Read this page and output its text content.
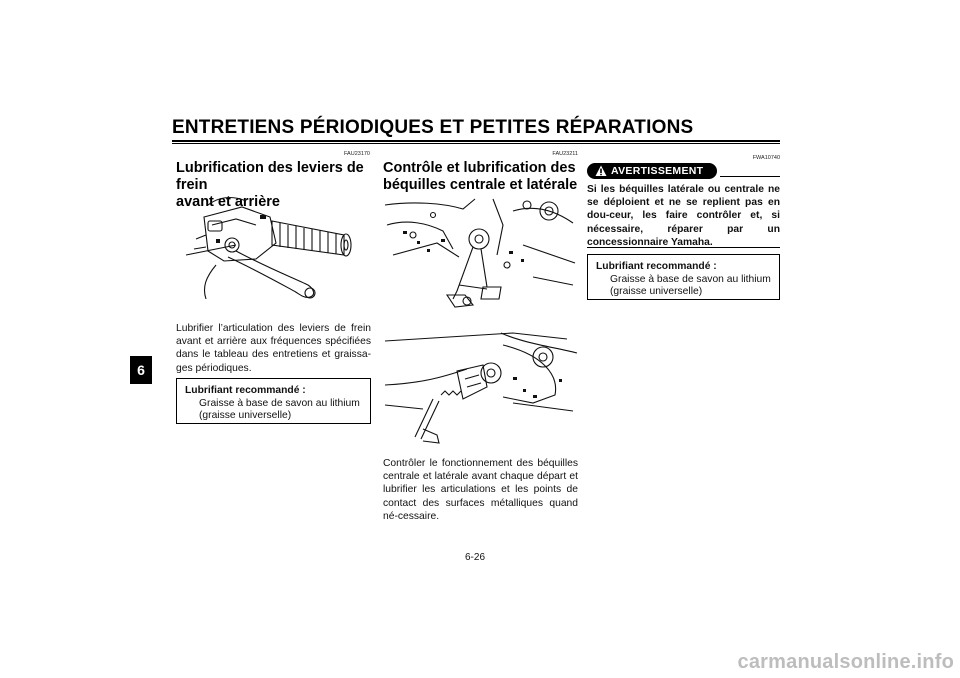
ENTRETIENS PÉRIODIQUES ET PETITES RÉPARATIONS
6
FAU23170
Lubrification des leviers de frein
avant et arrière
Lubrifier l’articulation des leviers de frein avant et arrière aux fréquences spécifiées dans le tableau des entretiens et graissa-ges périodiques.
Lubrifiant recommandé :
Graisse à base de savon au lithium
(graisse universelle)
FAU23211
Contrôle et lubrification des
béquilles centrale et latérale
Contrôler le fonctionnement des béquilles centrale et latérale avant chaque départ et lubrifier les articulations et les points de contact des surfaces métalliques quand né-cessaire.
FWA10740
AVERTISSEMENT
Si les béquilles latérale ou centrale ne se déploient et ne se replient pas en dou-ceur, les faire contrôler et, si nécessaire, réparer par un concessionnaire Yamaha.
Lubrifiant recommandé :
Graisse à base de savon au lithium
(graisse universelle)
6-26
carmanualsonline.info
